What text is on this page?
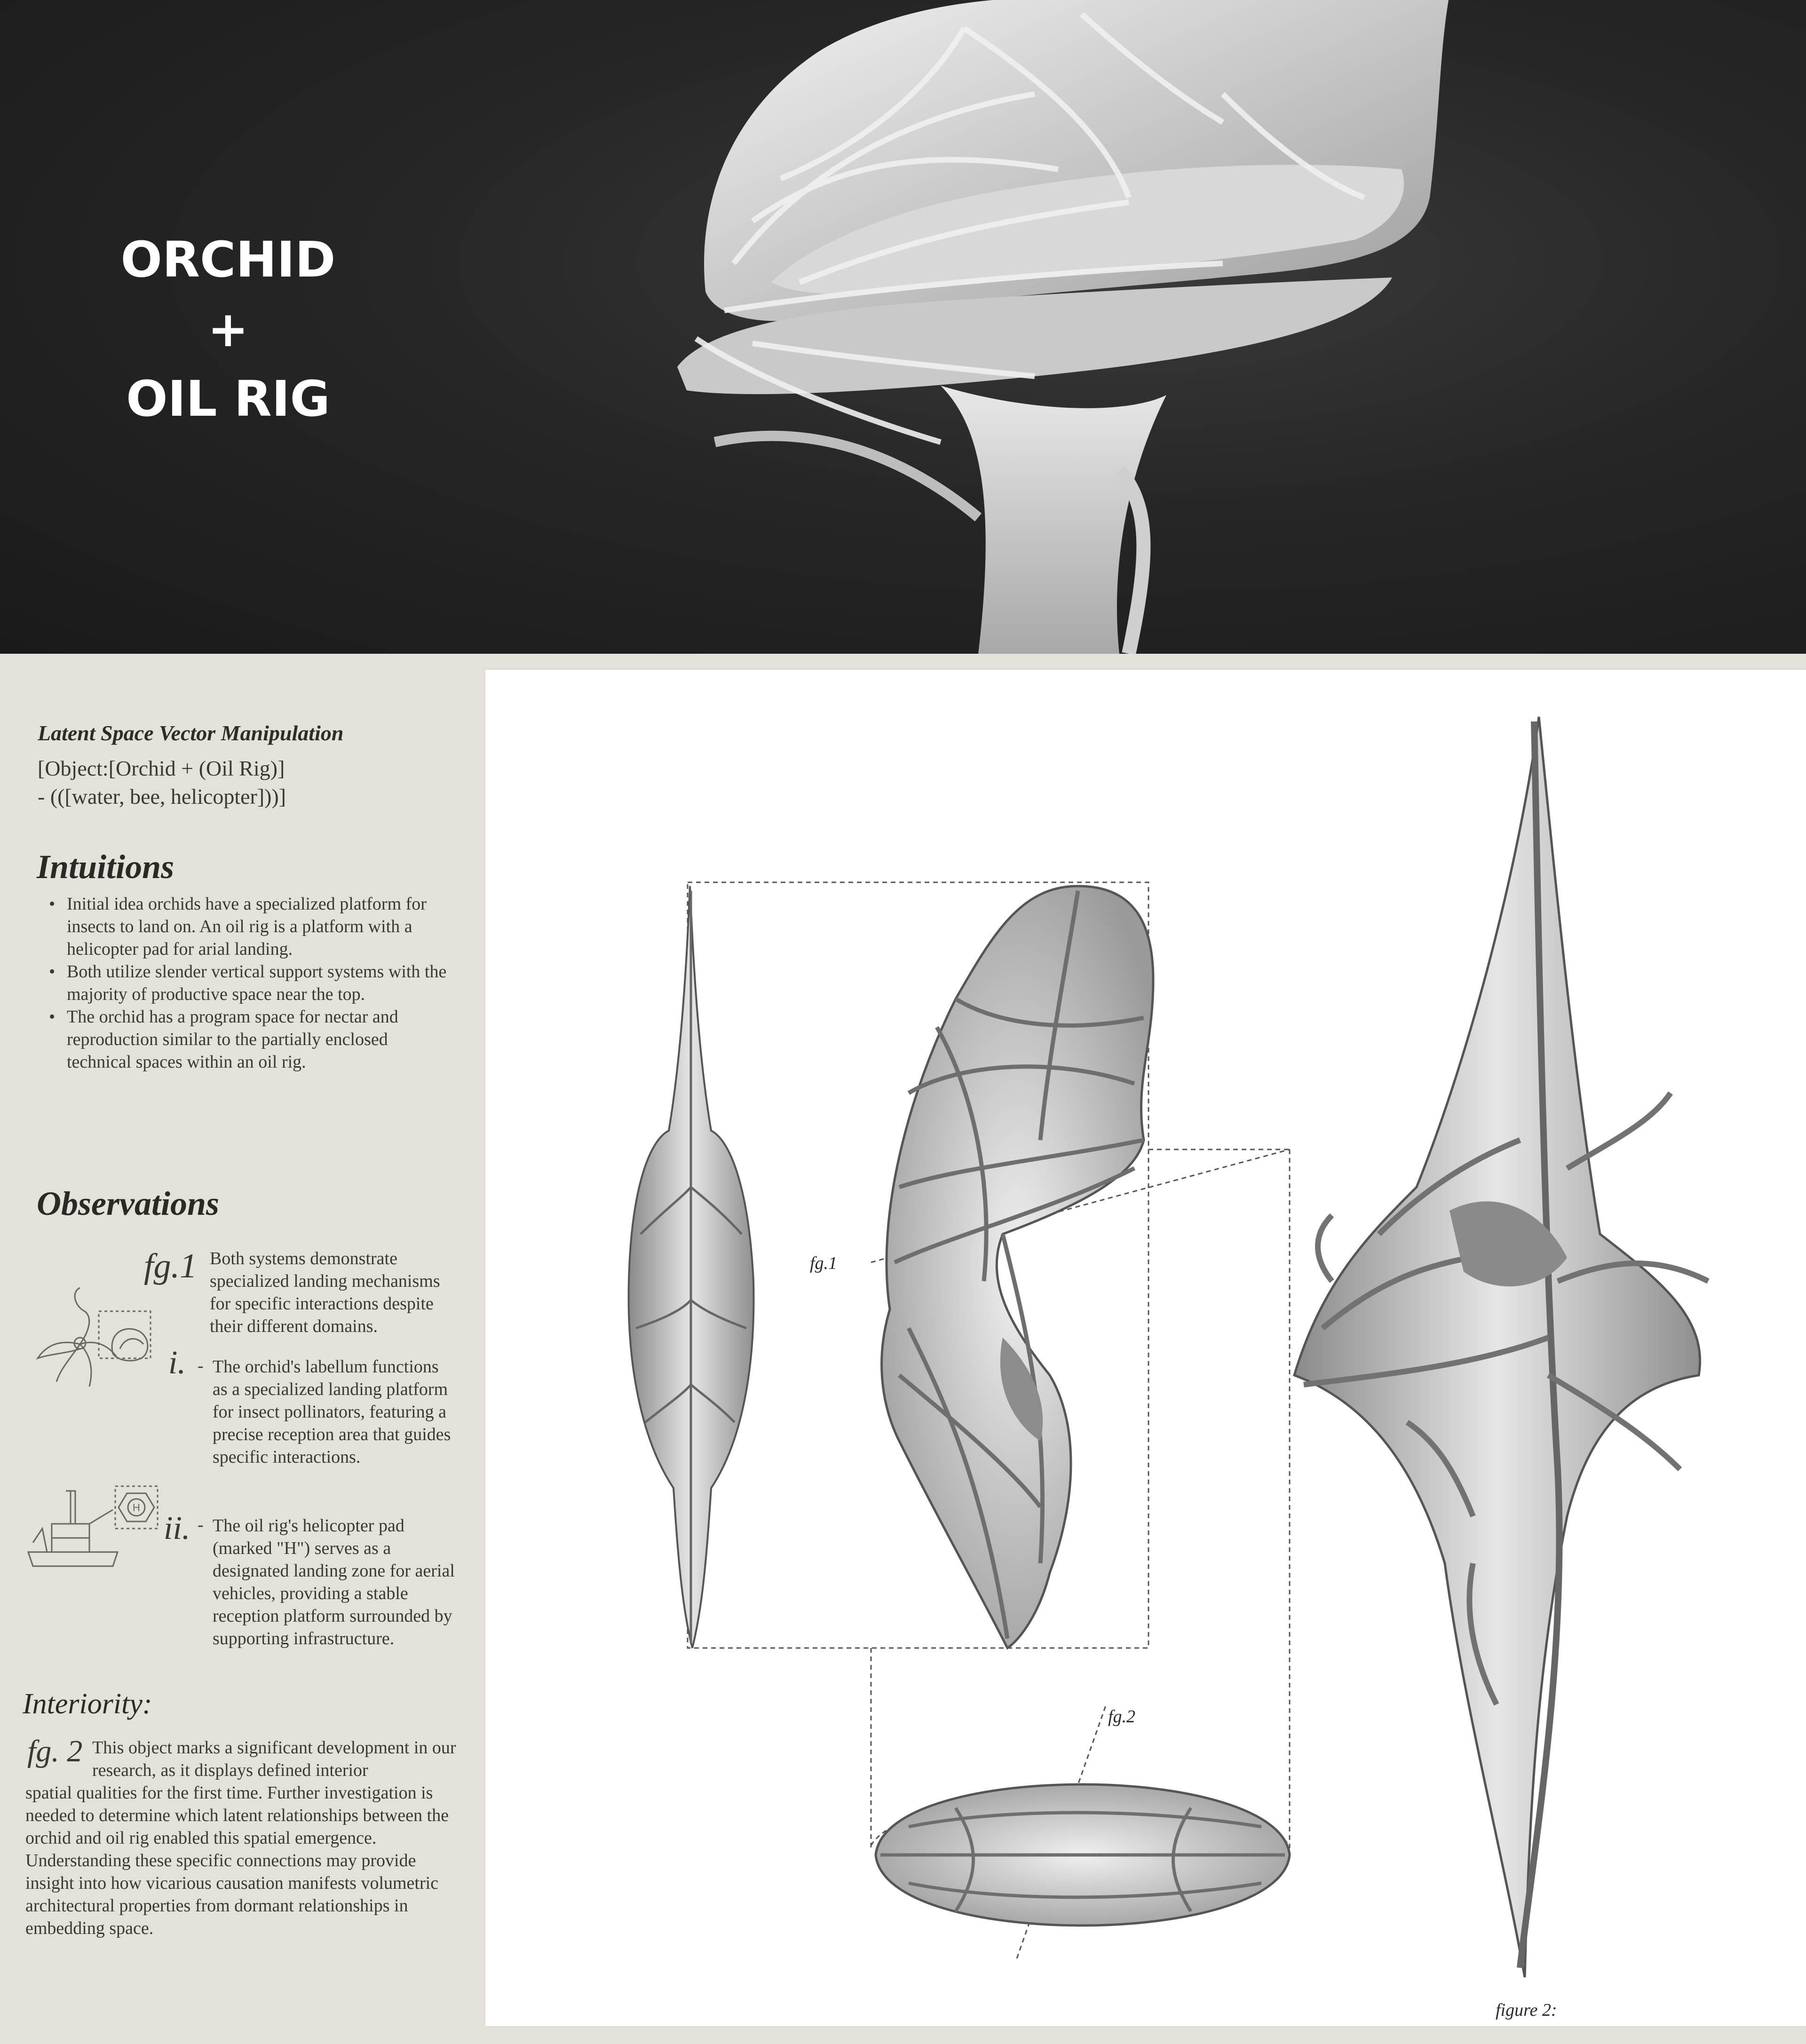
ORCHID
+
OIL RIG
Latent Space Vector Manipulation
[Object:[Orchid + (Oil Rig)]
- (([water, bee, helicopter]))]
Intuitions
• Initial idea orchids have a specialized platform for insects to land on. An oil rig is a platform with a helicopter pad for arial landing.
• Both utilize slender vertical support systems with the majority of productive space near the top.
• The orchid has a program space for nectar and reproduction similar to the partially enclosed technical spaces within an oil rig.
Observations
fg.1 Both systems demonstrate specialized landing mechanisms for specific interactions despite their different domains.
i. - The orchid's labellum functions as a specialized landing platform for insect pollinators, featuring a precise reception area that guides specific interactions.
H
ii. - The oil rig's helicopter pad (marked "H") serves as a designated landing zone for aerial vehicles, providing a stable reception platform surrounded by supporting infrastructure.
Interiority:
fg. 2 This object marks a significant development in our research, as it displays defined interior
spatial qualities for the first time. Further investigation is needed to determine which latent relationships between the orchid and oil rig enabled this spatial emergence. Understanding these specific connections may provide insight into how vicarious causation manifests volumetric architectural properties from dormant relationships in embedding space.
fg.1
fg.2
figure 2:
